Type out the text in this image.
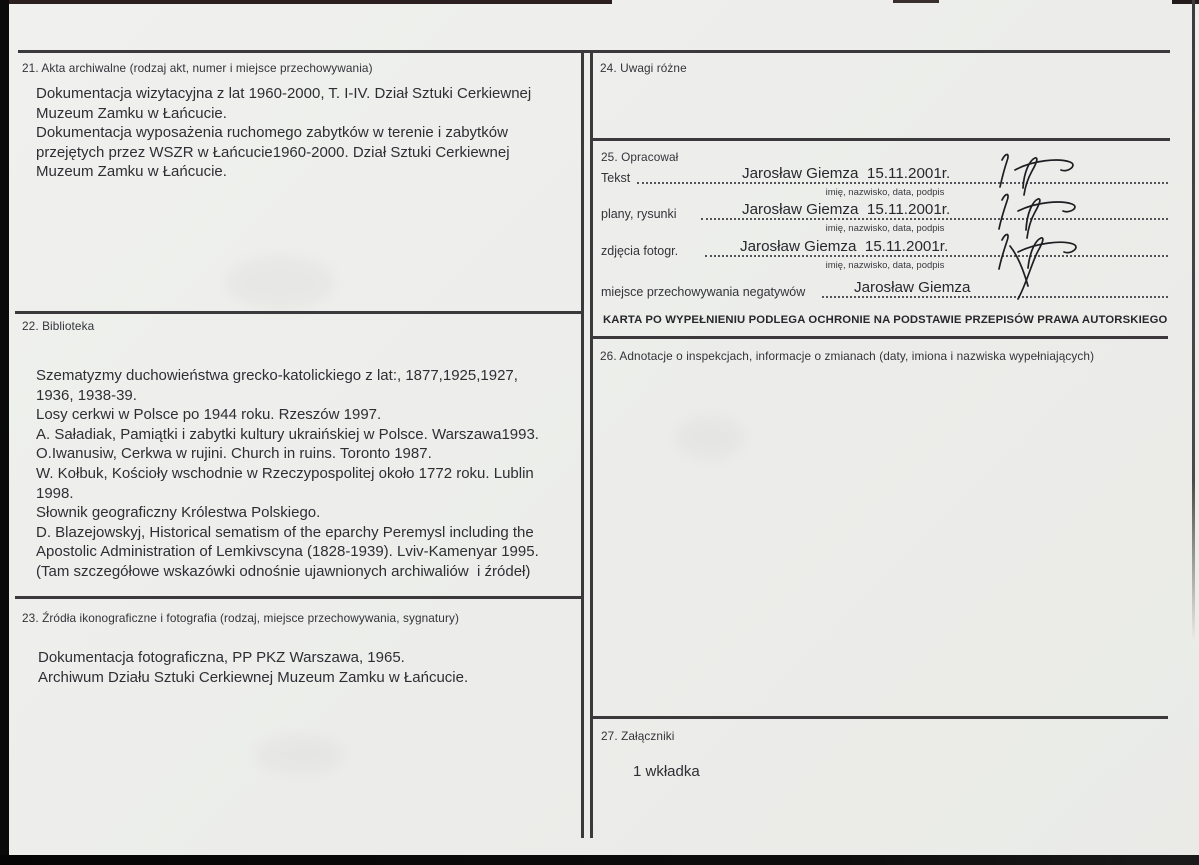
21. Akta archiwalne (rodzaj akt, numer i miejsce przechowywania)
Dokumentacja wizytacyjna z lat 1960-2000, T. I-IV. Dział Sztuki Cerkiewnej
Muzeum Zamku w Łańcucie.
Dokumentacja wyposażenia ruchomego zabytków w terenie i zabytków
przejętych przez WSZR w Łańcucie1960-2000. Dział Sztuki Cerkiewnej
Muzeum Zamku w Łańcucie.
22. Biblioteka
Szematyzmy duchowieństwa grecko-katolickiego z lat:, 1877,1925,1927,
1936, 1938-39.
Losy cerkwi w Polsce po 1944 roku. Rzeszów 1997.
A. Saładiak, Pamiątki i zabytki kultury ukraińskiej w Polsce. Warszawa1993.
O.Iwanusiw, Cerkwa w rujini. Church in ruins. Toronto 1987.
W. Kołbuk, Kościoły wschodnie w Rzeczypospolitej około 1772 roku. Lublin
1998.
Słownik geograficzny Królestwa Polskiego.
D. Blazejowskyj, Historical sematism of the eparchy Peremysl including the
Apostolic Administration of Lemkivscyna (1828-1939). Lviv-Kamenyar 1995.
(Tam szczegółowe wskazówki odnośnie ujawnionych archiwaliów  i źródeł)
23. Źródła ikonograficzne i fotografia (rodzaj, miejsce przechowywania, sygnatury)
Dokumentacja fotograficzna, PP PKZ Warszawa, 1965.
Archiwum Działu Sztuki Cerkiewnej Muzeum Zamku w Łańcucie.
24. Uwagi różne
25. Opracował
Tekst	Jarosław Giemza  15.11.2001r.
imię, nazwisko, data, podpis
plany, rysunki	Jarosław Giemza  15.11.2001r.
imię, nazwisko, data, podpis
zdjęcia fotogr.	Jarosław Giemza  15.11.2001r.
imię, nazwisko, data, podpis
miejsce przechowywania negatywów	Jarosław Giemza
KARTA PO WYPEŁNIENIU PODLEGA OCHRONIE NA PODSTAWIE PRZEPISÓW PRAWA AUTORSKIEGO
26. Adnotacje o inspekcjach, informacje o zmianach (daty, imiona i nazwiska wypełniających)
27. Załączniki
1 wkładka
